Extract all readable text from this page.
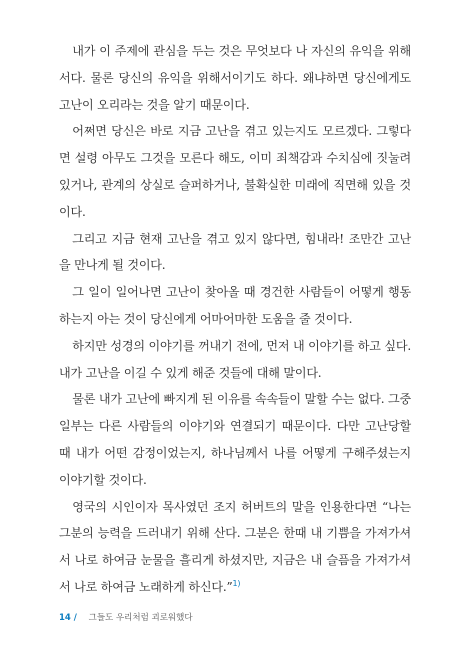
내가 이 주제에 관심을 두는 것은 무엇보다 나 자신의 유익을 위해서다. 물론 당신의 유익을 위해서이기도 하다. 왜냐하면 당신에게도 고난이 오리라는 것을 알기 때문이다.

어쩌면 당신은 바로 지금 고난을 겪고 있는지도 모르겠다. 그렇다면 설령 아무도 그것을 모른다 해도, 이미 죄책감과 수치심에 짓눌려 있거나, 관계의 상실로 슬퍼하거나, 불확실한 미래에 직면해 있을 것이다.

그리고 지금 현재 고난을 겪고 있지 않다면, 힘내라! 조만간 고난을 만나게 될 것이다.

그 일이 일어나면 고난이 찾아올 때 경건한 사람들이 어떻게 행동하는지 아는 것이 당신에게 어마어마한 도움을 줄 것이다.

하지만 성경의 이야기를 꺼내기 전에, 먼저 내 이야기를 하고 싶다. 내가 고난을 이길 수 있게 해준 것들에 대해 말이다.

물론 내가 고난에 빠지게 된 이유를 속속들이 말할 수는 없다. 그중 일부는 다른 사람들의 이야기와 연결되기 때문이다. 다만 고난당할 때 내가 어떤 감정이었는지, 하나님께서 나를 어떻게 구해주셨는지 이야기할 것이다.

영국의 시인이자 목사였던 조지 허버트의 말을 인용한다면 “나는 그분의 능력을 드러내기 위해 산다. 그분은 한때 내 기쁨을 가져가셔서 나로 하여금 눈물을 흘리게 하셨지만, 지금은 내 슬픔을 가져가셔서 나로 하여금 노래하게 하신다.”$^{1)}$

14 / 그들도 우리처럼 괴로워했다
